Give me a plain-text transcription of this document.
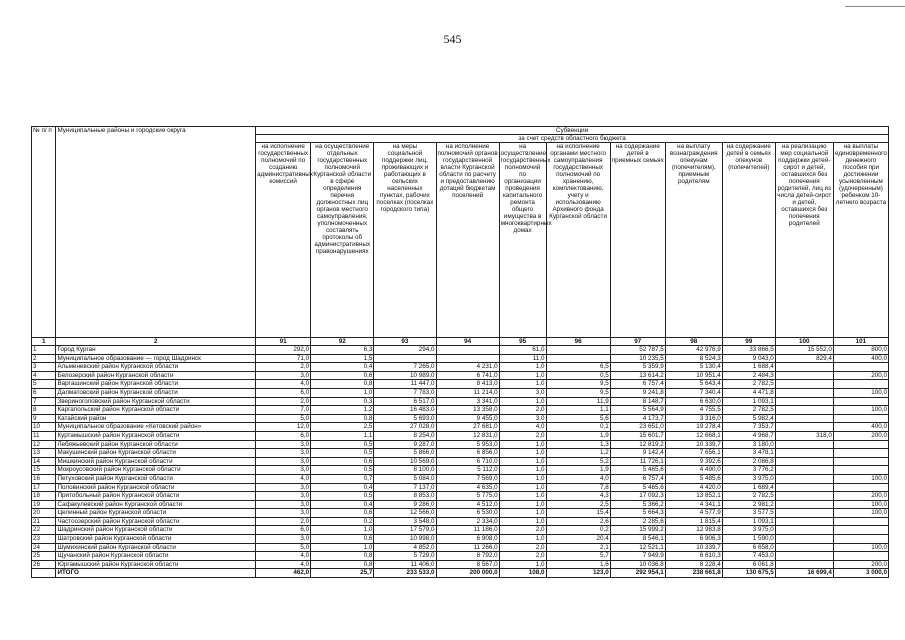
545
№ п/ п	Муниципальные районы и городские округа	Субвенции										
		за счет средств областного бюджета										
		на исполнение государственных полномочий по созданию административных комиссий	на осуществление отдельных государственных полномочий Курганской области в сфере определения перечня должностных лиц органов местного самоуправления, уполномоченных составлять протоколы об административных правонарушениях	на меры социальной поддержки лиц, проживающих и работающих в сельских населенных пунктах, рабочих поселках (поселках городского типа)	на исполнение полномочий органов государственной власти Курганской области по расчету и предоставлению дотаций бюджетам поселений	на осуществление государственных полномочий по организации проведения капитального ремонта общего имущества в многоквартирных домах	на исполнение органами местного самоуправления государственных полномочий по хранению, комплектованию, учету и использованию Архивного фонда Курганской области	на содержание детей в приемных семьях	на выплату вознаграждения опекунам (попечителям), приемным родителям	на содержание детей в семьях опекунов (попечителей)	на реализацию мер социальной поддержки детей-сирот и детей, оставшихся без попечения родителей, лиц из числа детей-сирот и детей, оставшихся без попечения родителей	на выплаты единовременного денежного пособия при достижении усыновленным (удочеренным) ребенком 10-летнего возраста
1	2	91	92	93	94	95	96	97	98	99	100	101
1	Город Курган	292,0	6,3	294,0		61,0		52 787,5	42 976,9	33 866,5	15 552,0	800,0
2	Муниципальное образование — город Шадринск	71,0	1,5			11,0		10 235,5	8 524,3	9 043,0	829,4	400,0
3	Альменевский район Курганской области	2,0	0,4	7 265,0	4 231,0	1,0	6,5	5 359,9	5 130,4	1 688,4		
4	Белозерский район Курганской области	3,0	0,6	10 989,0	6 741,0	1,0	0,5	13 614,2	10 951,4	2 484,3		200,0
5	Варгашинский район Курганской области	4,0	0,8	11 447,0	8 413,0	1,0	9,5	6 757,4	5 643,4	2 782,5		
6	Далматовский район Курганской области	6,0	1,0	7 783,0	11 214,0	3,0	9,5	9 241,8	7 340,4	4 471,8		100,0
7	Звериноголовский район Курганской области	2,0	0,3	6 517,0	3 341,0	1,0	11,9	8 148,7	6 630,0	1 093,1		
8	Каргапольский район Курганской области	7,0	1,2	16 483,0	13 358,0	2,0	1,1	5 564,9	4 755,5	2 782,5		100,0
9	Катайский район	5,0	0,8	5 693,0	9 455,0	3,0	5,6	4 173,7	3 316,0	5 982,4		
10	Муниципальное образование «Кетовский район»	12,0	2,5	27 028,0	27 681,0	4,0	0,1	23 651,0	19 278,4	7 353,7		400,0
11	Куртамышский район Курганской области	6,0	1,1	8 254,0	12 831,0	2,0	1,9	15 601,7	12 668,1	4 968,7	318,0	200,0
12	Лебяжьевский район Курганской области	3,0	0,5	9 287,0	5 953,0	1,0	1,3	12 819,2	10 339,7	3 180,0		
13	Макушинский район Курганской области	3,0	0,5	5 866,0	6 856,0	1,0	1,2	9 142,4	7 656,1	3 478,1		
14	Мишкинский район Курганской области	3,0	0,6	10 569,0	6 710,0	1,0	5,2	11 726,1	9 392,6	2 086,8		
15	Мокроусовский район Курганской области	3,0	0,5	8 100,0	5 112,0	1,0	1,9	5 465,6	4 490,0	3 776,2		
16	Петуховский район Курганской области	4,0	0,7	5 084,0	7 569,0	1,0	4,0	6 757,4	5 485,6	3 975,0		100,0
17	Половинский район Курганской области	3,0	0,4	7 137,0	4 635,0	1,0	7,8	5 465,6	4 420,0	1 689,4		
18	Притобольный район Курганской области	3,0	0,5	8 853,0	5 775,0	1,0	4,3	17 092,3	13 852,1	2 782,5		200,0
19	Сафакулевский район Курганской области	3,0	0,4	9 286,0	4 512,0	1,0	2,5	5 366,2	4 341,1	2 981,2		100,0
20	Целинный район Курганской области	3,0	0,6	12 566,0	6 530,0	1,0	15,4	5 664,3	4 577,9	3 577,5		100,0
21	Частоозерский район Курганской области	2,0	0,2	3 548,0	2 334,0	1,0	2,6	2 285,6	1 815,4	1 093,1		
22	Шадринский район Курганской области	6,0	1,0	17 579,0	11 186,0	2,0	0,2	15 999,2	12 983,8	3 975,0		
23	Шатровский район Курганской области	3,0	0,6	10 998,0	6 908,0	1,0	20,4	8 546,1	6 906,3	1 590,0		
24	Шумихинский район Курганской области	5,0	1,0	4 852,0	11 266,0	2,0	2,1	12 521,1	10 339,7	6 658,0		100,0
25	Щучанский район Курганской области	4,0	0,8	5 729,0	8 792,0	2,0	5,7	7 949,9	6 610,3	7 453,0		
26	Юргамышский район Курганской области	4,0	0,8	11 406,0	8 567,0	1,0	1,6	10 036,8	8 228,4	6 061,8		200,0
	ИТОГО	462,0	25,7	233 533,0	200 000,0	108,0	123,0	292 954,1	238 661,8	130 675,5	16 699,4	3 000,0
